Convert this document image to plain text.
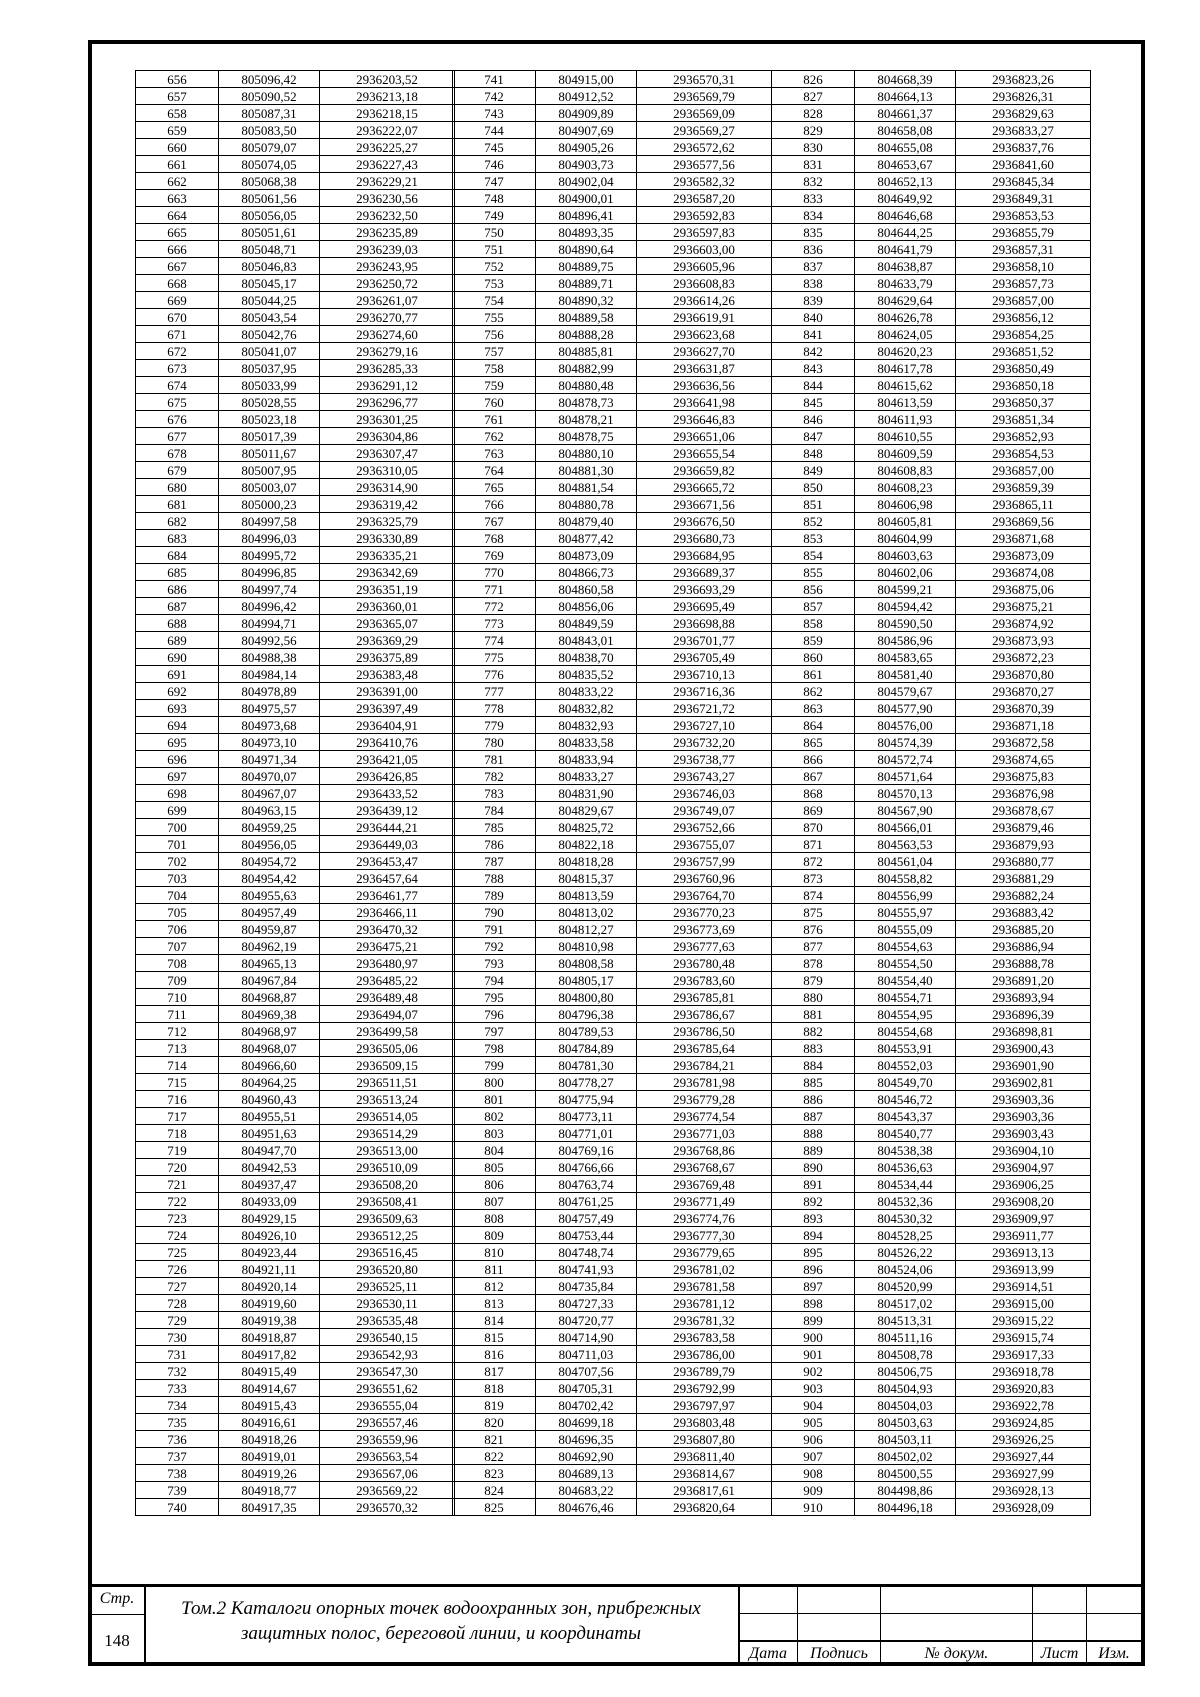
656	805096,42	2936203,52
657	805090,52	2936213,18
658	805087,31	2936218,15
659	805083,50	2936222,07
660	805079,07	2936225,27
661	805074,05	2936227,43
662	805068,38	2936229,21
663	805061,56	2936230,56
664	805056,05	2936232,50
665	805051,61	2936235,89
666	805048,71	2936239,03
667	805046,83	2936243,95
668	805045,17	2936250,72
669	805044,25	2936261,07
670	805043,54	2936270,77
671	805042,76	2936274,60
672	805041,07	2936279,16
673	805037,95	2936285,33
674	805033,99	2936291,12
675	805028,55	2936296,77
676	805023,18	2936301,25
677	805017,39	2936304,86
678	805011,67	2936307,47
679	805007,95	2936310,05
680	805003,07	2936314,90
681	805000,23	2936319,42
682	804997,58	2936325,79
683	804996,03	2936330,89
684	804995,72	2936335,21
685	804996,85	2936342,69
686	804997,74	2936351,19
687	804996,42	2936360,01
688	804994,71	2936365,07
689	804992,56	2936369,29
690	804988,38	2936375,89
691	804984,14	2936383,48
692	804978,89	2936391,00
693	804975,57	2936397,49
694	804973,68	2936404,91
695	804973,10	2936410,76
696	804971,34	2936421,05
697	804970,07	2936426,85
698	804967,07	2936433,52
699	804963,15	2936439,12
700	804959,25	2936444,21
701	804956,05	2936449,03
702	804954,72	2936453,47
703	804954,42	2936457,64
704	804955,63	2936461,77
705	804957,49	2936466,11
706	804959,87	2936470,32
707	804962,19	2936475,21
708	804965,13	2936480,97
709	804967,84	2936485,22
710	804968,87	2936489,48
711	804969,38	2936494,07
712	804968,97	2936499,58
713	804968,07	2936505,06
714	804966,60	2936509,15
715	804964,25	2936511,51
716	804960,43	2936513,24
717	804955,51	2936514,05
718	804951,63	2936514,29
719	804947,70	2936513,00
720	804942,53	2936510,09
721	804937,47	2936508,20
722	804933,09	2936508,41
723	804929,15	2936509,63
724	804926,10	2936512,25
725	804923,44	2936516,45
726	804921,11	2936520,80
727	804920,14	2936525,11
728	804919,60	2936530,11
729	804919,38	2936535,48
730	804918,87	2936540,15
731	804917,82	2936542,93
732	804915,49	2936547,30
733	804914,67	2936551,62
734	804915,43	2936555,04
735	804916,61	2936557,46
736	804918,26	2936559,96
737	804919,01	2936563,54
738	804919,26	2936567,06
739	804918,77	2936569,22
740	804917,35	2936570,32
741	804915,00	2936570,31
742	804912,52	2936569,79
743	804909,89	2936569,09
744	804907,69	2936569,27
745	804905,26	2936572,62
746	804903,73	2936577,56
747	804902,04	2936582,32
748	804900,01	2936587,20
749	804896,41	2936592,83
750	804893,35	2936597,83
751	804890,64	2936603,00
752	804889,75	2936605,96
753	804889,71	2936608,83
754	804890,32	2936614,26
755	804889,58	2936619,91
756	804888,28	2936623,68
757	804885,81	2936627,70
758	804882,99	2936631,87
759	804880,48	2936636,56
760	804878,73	2936641,98
761	804878,21	2936646,83
762	804878,75	2936651,06
763	804880,10	2936655,54
764	804881,30	2936659,82
765	804881,54	2936665,72
766	804880,78	2936671,56
767	804879,40	2936676,50
768	804877,42	2936680,73
769	804873,09	2936684,95
770	804866,73	2936689,37
771	804860,58	2936693,29
772	804856,06	2936695,49
773	804849,59	2936698,88
774	804843,01	2936701,77
775	804838,70	2936705,49
776	804835,52	2936710,13
777	804833,22	2936716,36
778	804832,82	2936721,72
779	804832,93	2936727,10
780	804833,58	2936732,20
781	804833,94	2936738,77
782	804833,27	2936743,27
783	804831,90	2936746,03
784	804829,67	2936749,07
785	804825,72	2936752,66
786	804822,18	2936755,07
787	804818,28	2936757,99
788	804815,37	2936760,96
789	804813,59	2936764,70
790	804813,02	2936770,23
791	804812,27	2936773,69
792	804810,98	2936777,63
793	804808,58	2936780,48
794	804805,17	2936783,60
795	804800,80	2936785,81
796	804796,38	2936786,67
797	804789,53	2936786,50
798	804784,89	2936785,64
799	804781,30	2936784,21
800	804778,27	2936781,98
801	804775,94	2936779,28
802	804773,11	2936774,54
803	804771,01	2936771,03
804	804769,16	2936768,86
805	804766,66	2936768,67
806	804763,74	2936769,48
807	804761,25	2936771,49
808	804757,49	2936774,76
809	804753,44	2936777,30
810	804748,74	2936779,65
811	804741,93	2936781,02
812	804735,84	2936781,58
813	804727,33	2936781,12
814	804720,77	2936781,32
815	804714,90	2936783,58
816	804711,03	2936786,00
817	804707,56	2936789,79
818	804705,31	2936792,99
819	804702,42	2936797,97
820	804699,18	2936803,48
821	804696,35	2936807,80
822	804692,90	2936811,40
823	804689,13	2936814,67
824	804683,22	2936817,61
825	804676,46	2936820,64
826	804668,39	2936823,26
827	804664,13	2936826,31
828	804661,37	2936829,63
829	804658,08	2936833,27
830	804655,08	2936837,76
831	804653,67	2936841,60
832	804652,13	2936845,34
833	804649,92	2936849,31
834	804646,68	2936853,53
835	804644,25	2936855,79
836	804641,79	2936857,31
837	804638,87	2936858,10
838	804633,79	2936857,73
839	804629,64	2936857,00
840	804626,78	2936856,12
841	804624,05	2936854,25
842	804620,23	2936851,52
843	804617,78	2936850,49
844	804615,62	2936850,18
845	804613,59	2936850,37
846	804611,93	2936851,34
847	804610,55	2936852,93
848	804609,59	2936854,53
849	804608,83	2936857,00
850	804608,23	2936859,39
851	804606,98	2936865,11
852	804605,81	2936869,56
853	804604,99	2936871,68
854	804603,63	2936873,09
855	804602,06	2936874,08
856	804599,21	2936875,06
857	804594,42	2936875,21
858	804590,50	2936874,92
859	804586,96	2936873,93
860	804583,65	2936872,23
861	804581,40	2936870,80
862	804579,67	2936870,27
863	804577,90	2936870,39
864	804576,00	2936871,18
865	804574,39	2936872,58
866	804572,74	2936874,65
867	804571,64	2936875,83
868	804570,13	2936876,98
869	804567,90	2936878,67
870	804566,01	2936879,46
871	804563,53	2936879,93
872	804561,04	2936880,77
873	804558,82	2936881,29
874	804556,99	2936882,24
875	804555,97	2936883,42
876	804555,09	2936885,20
877	804554,63	2936886,94
878	804554,50	2936888,78
879	804554,40	2936891,20
880	804554,71	2936893,94
881	804554,95	2936896,39
882	804554,68	2936898,81
883	804553,91	2936900,43
884	804552,03	2936901,90
885	804549,70	2936902,81
886	804546,72	2936903,36
887	804543,37	2936903,36
888	804540,77	2936903,43
889	804538,38	2936904,10
890	804536,63	2936904,97
891	804534,44	2936906,25
892	804532,36	2936908,20
893	804530,32	2936909,97
894	804528,25	2936911,77
895	804526,22	2936913,13
896	804524,06	2936913,99
897	804520,99	2936914,51
898	804517,02	2936915,00
899	804513,31	2936915,22
900	804511,16	2936915,74
901	804508,78	2936917,33
902	804506,75	2936918,78
903	804504,93	2936920,83
904	804504,03	2936922,78
905	804503,63	2936924,85
906	804503,11	2936926,25
907	804502,02	2936927,44
908	804500,55	2936927,99
909	804498,86	2936928,13
910	804496,18	2936928,09
Стр.
148
Том.2 Каталоги опорных точек водоохранных зон, прибрежных защитных полос, береговой линии, и координаты
Дата	Подпись	№ докум.	Лист	Изм.
